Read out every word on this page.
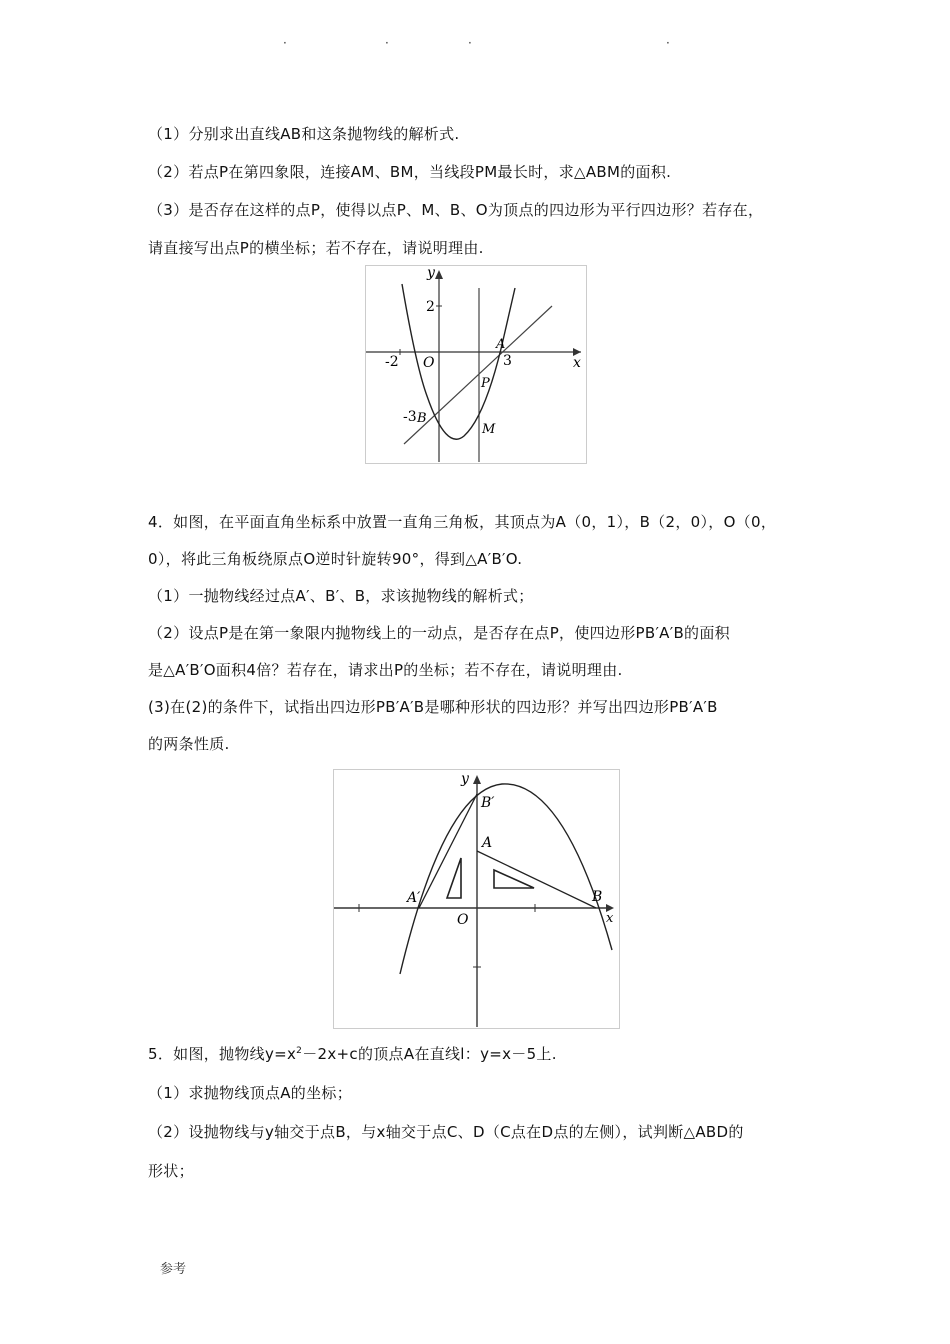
·	·	·	·
（1）分别求出直线AB和这条抛物线的解析式.
（2）若点P在第四象限，连接AM、BM，当线段PM最长时，求△ABM的面积.
（3）是否存在这样的点P，使得以点P、M、B、O为顶点的四边形为平行四边形？若存在，
请直接写出点P的横坐标；若不存在，请说明理由.
y
x
2
-2 O	3
A
P
-3 B
M
4．如图，在平面直角坐标系中放置一直角三角板，其顶点为A（0，1），B（2，0），O（0，
0），将此三角板绕原点O逆时针旋转90°，得到△A′B′O.
（1）一抛物线经过点A′、B′、B，求该抛物线的解析式；
（2）设点P是在第一象限内抛物线上的一动点，是否存在点P，使四边形PB′A′B的面积
是△A′B′O面积4倍？若存在，请求出P的坐标；若不存在，请说明理由.
(3)在(2)的条件下，试指出四边形PB′A′B是哪种形状的四边形？并写出四边形PB′A′B
的两条性质.
y
x
B′
A
A′
O
B
5．如图，抛物线$y=x^2-2x+c$的顶点A在直线l：y=x－5上.
（1）求抛物线顶点A的坐标；
（2）设抛物线与y轴交于点B，与x轴交于点C、D（C点在D点的左侧），试判断△ABD的
形状；
参考
